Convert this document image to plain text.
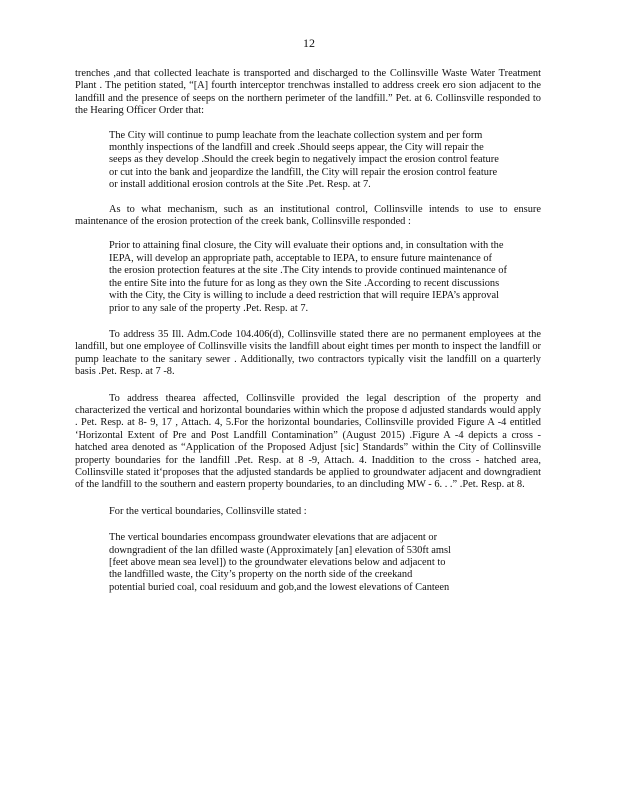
12

trenches ,and that collected leachate is transported and discharged to the Collinsville Waste Water Treatment Plant . The petition stated, “[A] fourth interceptor trenchwas installed to address creek ero sion adjacent to the landfill and the presence of seeps on the northern perimeter of the landfill.” Pet. at 6. Collinsville responded to the Hearing Officer Order that:

The City will continue to pump leachate from the leachate collection system and per form monthly inspections of the landfill and creek .Should seeps appear, the City will repair the seeps as they develop .Should the creek begin to negatively impact the erosion control feature or cut into the bank and jeopardize the landfill, the City will repair the erosion control feature or install additional erosion controls at the Site .Pet. Resp. at 7.

As to what mechanism, such as an institutional control, Collinsville intends to use to ensure maintenance of the erosion protection of the creek bank, Collinsville responded :

Prior to attaining final closure, the City will evaluate their options and, in consultation with the IEPA, will develop an appropriate path, acceptable to IEPA, to ensure future maintenance of the erosion protection features at the site .The City intends to provide continued maintenance of the entire Site into the future for as long as they own the Site .According to recent discussions with the City, the City is willing to include a deed restriction that will require IEPA’s approval prior to any sale of the property .Pet. Resp. at 7.

To address 35 Ill. Adm.Code 104.406(d), Collinsville stated there are no permanent employees at the landfill, but one employee of Collinsville visits the landfill about eight times per month to inspect the landfill or pump leachate to the sanitary sewer . Additionally, two contractors typically visit the landfill on a quarterly basis .Pet. Resp. at 7 -8.

To address thearea affected, Collinsville provided the legal description of the property and characterized the vertical and horizontal boundaries within which the propose d adjusted standards would apply . Pet. Resp. at 8- 9, 17 , Attach. 4, 5.For the horizontal boundaries, Collinsville provided Figure A -4 entitled ‘Horizontal Extent of Pre and Post Landfill Contamination” (August 2015) .Figure A -4 depicts a cross - hatched area denoted as “Application of the Proposed Adjust [sic] Standards” within the City of Collinsville property boundaries for the landfill .Pet. Resp. at 8 -9, Attach. 4. Inaddition to the cross - hatched area, Collinsville stated it‘proposes that the adjusted standards be applied to groundwater adjacent and downgradient of the landfill to the southern and eastern property boundaries, to an dincluding MW - 6. . .” .Pet. Resp. at 8.

For the vertical boundaries, Collinsville stated :

The vertical boundaries encompass groundwater elevations that are adjacent or
downgradient of the lan dfilled waste (Approximately [an] elevation of 530ft amsl
[feet above mean sea level]) to the groundwater elevations below and adjacent to
the landfilled waste, the City’s property on the north side of the creekand
potential buried coal, coal residuum and gob,and the lowest elevations of Canteen
